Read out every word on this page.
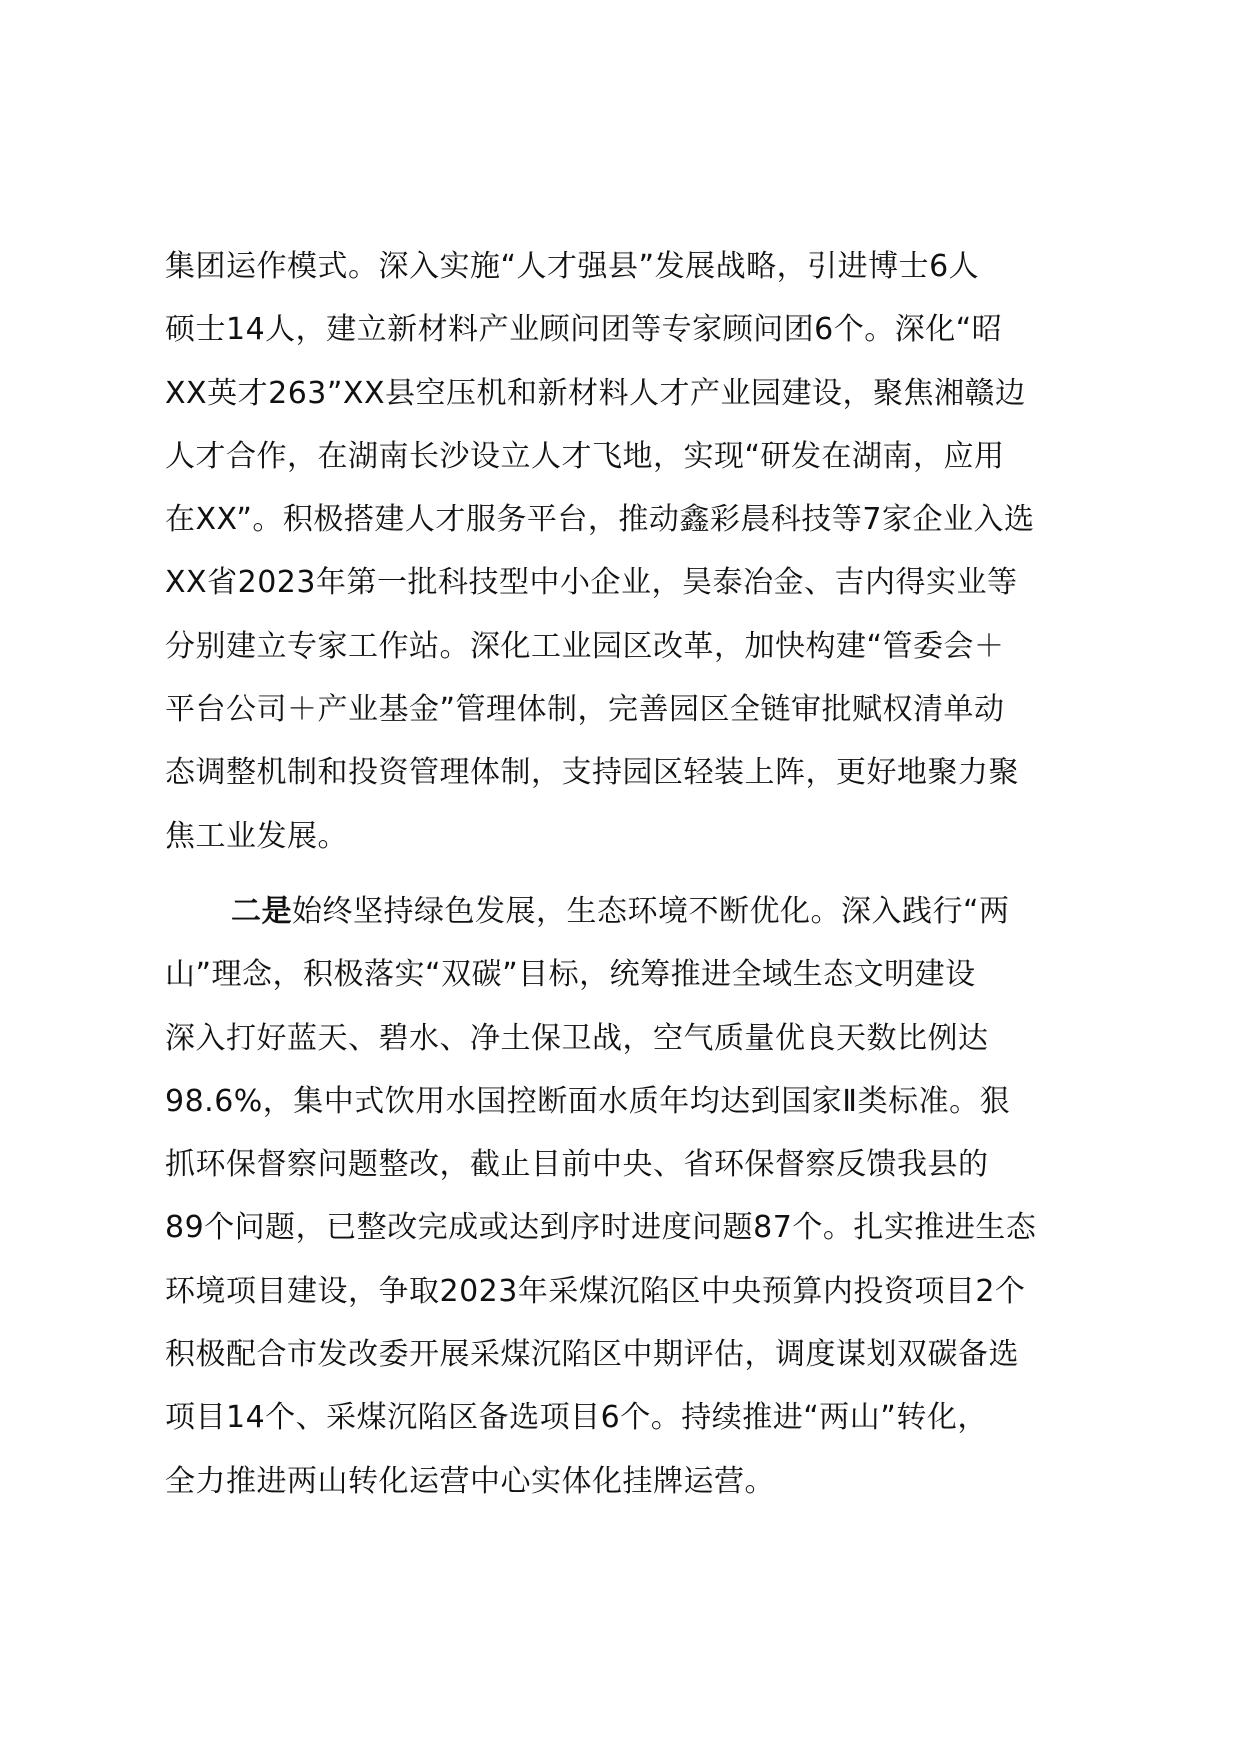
集团运作模式。深入实施“人才强县”发展战略，引进博士6人
硕士14人，建立新材料产业顾问团等专家顾问团6个。深化“昭
XX英才263”XX县空压机和新材料人才产业园建设，聚焦湘赣边
人才合作，在湖南长沙设立人才飞地，实现“研发在湖南，应用
在XX”。积极搭建人才服务平台，推动鑫彩晨科技等7家企业入选
XX省2023年第一批科技型中小企业，昊泰冶金、吉内得实业等
分别建立专家工作站。深化工业园区改革，加快构建“管委会＋
平台公司＋产业基金”管理体制，完善园区全链审批赋权清单动
态调整机制和投资管理体制，支持园区轻装上阵，更好地聚力聚
焦工业发展。
二是始终坚持绿色发展，生态环境不断优化。深入践行“两
山”理念，积极落实“双碳”目标，统筹推进全域生态文明建设
深入打好蓝天、碧水、净土保卫战，空气质量优良天数比例达
98.6%，集中式饮用水国控断面水质年均达到国家Ⅱ类标准。狠
抓环保督察问题整改，截止目前中央、省环保督察反馈我县的
89个问题，已整改完成或达到序时进度问题87个。扎实推进生态
环境项目建设，争取2023年采煤沉陷区中央预算内投资项目2个
积极配合市发改委开展采煤沉陷区中期评估，调度谋划双碳备选
项目14个、采煤沉陷区备选项目6个。持续推进“两山”转化，
全力推进两山转化运营中心实体化挂牌运营。
